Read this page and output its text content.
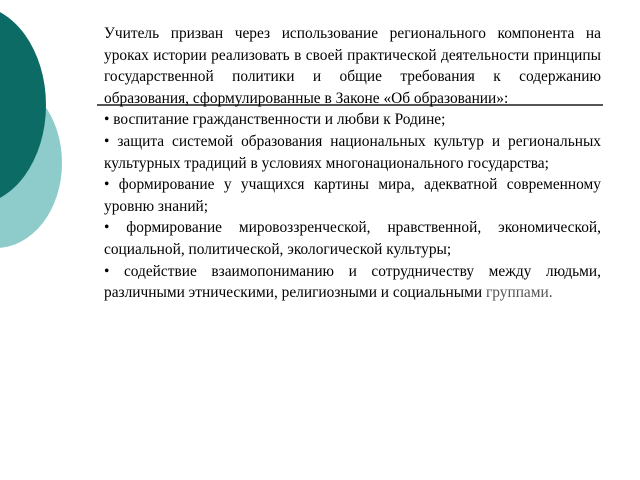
Учитель призван через использование регионального компонента на уроках истории реализовать в своей практической деятельности принципы государственной политики и общие требования к содержанию образования, сформулированные в Законе «Об образовании»:

• воспитание гражданственности и любви к Родине;

• защита системой образования национальных культур и региональных культурных традиций в условиях многонационального государства;

• формирование у учащихся картины мира, адекватной современному уровню знаний;

• формирование мировоззренческой, нравственной, экономической, социальной, политической, экологической культуры;

• содействие взаимопониманию и сотрудничеству между людьми, различными этническими, религиозными и социальными группами.
